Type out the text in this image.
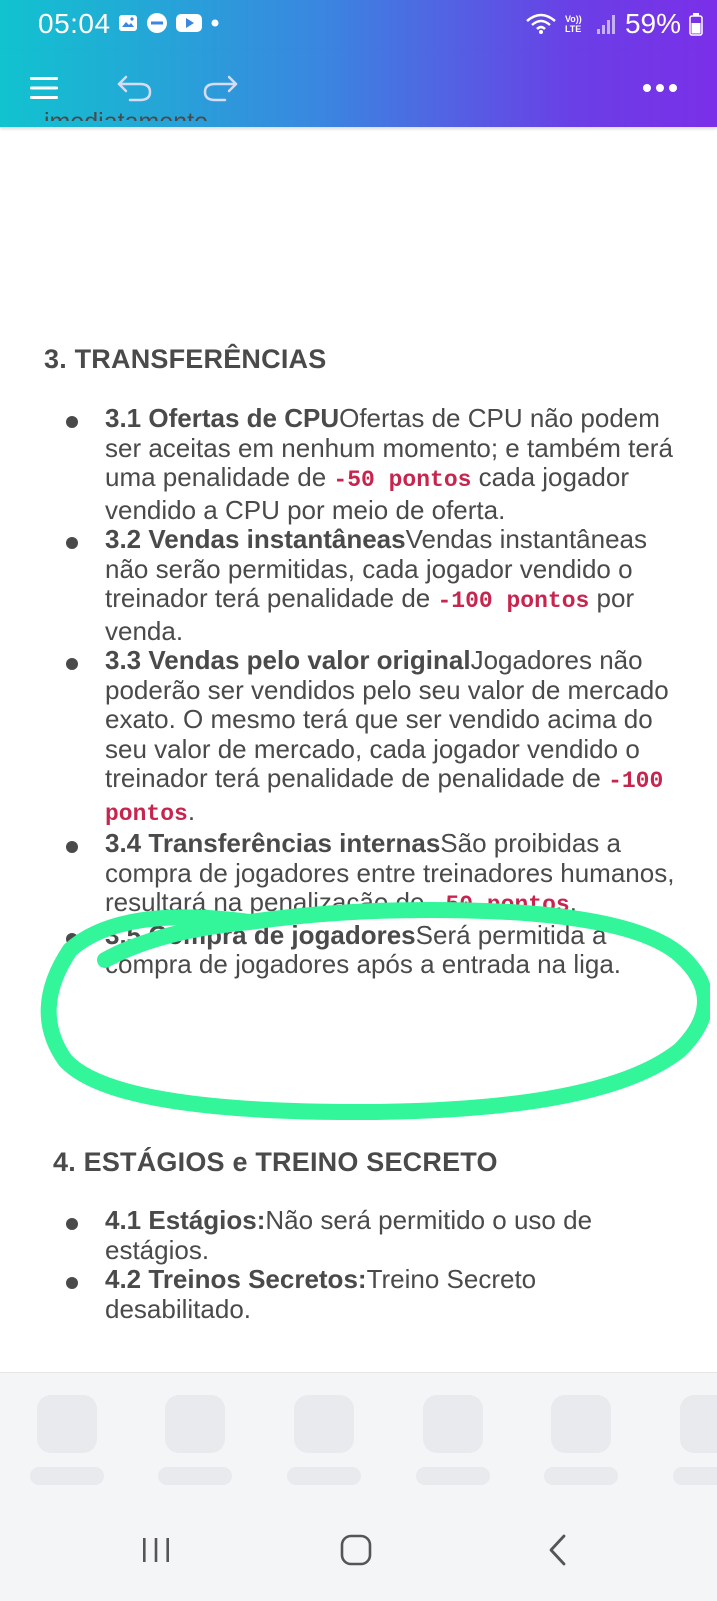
05:04	Vo)) LTE 59%
3. TRANSFERÊNCIAS
3.1 Ofertas de CPUOfertas de CPU não podem ser aceitas em nenhum momento; e também terá uma penalidade de -50 pontos cada jogador vendido a CPU por meio de oferta.
3.2 Vendas instantâneasVendas instantâneas não serão permitidas, cada jogador vendido o treinador terá penalidade de -100 pontos por venda.
3.3 Vendas pelo valor originalJogadores não poderão ser vendidos pelo seu valor de mercado exato. O mesmo terá que ser vendido acima do seu valor de mercado, cada jogador vendido o treinador terá penalidade de penalidade de -100 pontos.
3.4 Transferências internasSão proibidas a compra de jogadores entre treinadores humanos, resultará na penalização de -50 pontos.
3.5 Compra de jogadoresSerá permitida a compra de jogadores após a entrada na liga.
4. ESTÁGIOS e TREINO SECRETO
4.1 Estágios:Não será permitido o uso de estágios.
4.2 Treinos Secretos:Treino Secreto desabilitado.
